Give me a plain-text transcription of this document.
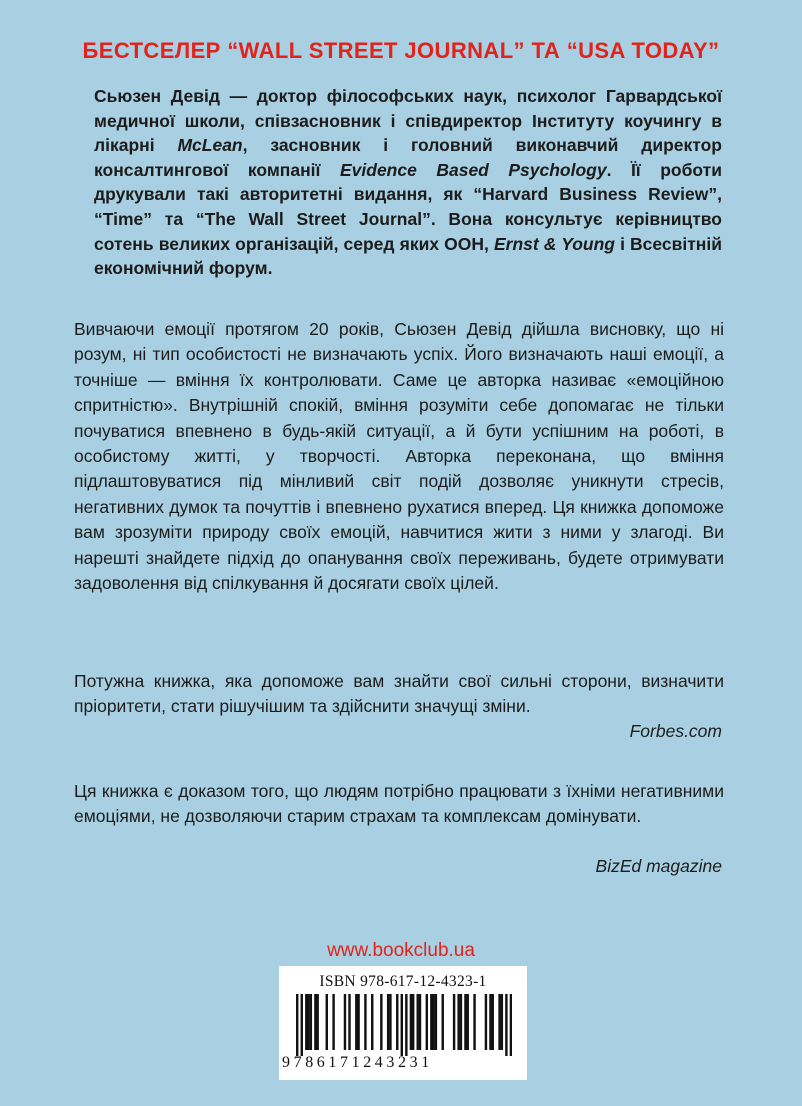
БЕСТСЕЛЕР “WALL STREET JOURNAL” ТА “USA TODAY”

Сьюзен Девід — доктор філософських наук, психолог Гарвардської медичної школи, співзасновник і співдиректор Інституту коучингу в лікарні McLean, засновник і головний виконавчий директор консалтингової компанії Evidence Based Psychology. Її роботи друкували такі авторитетні видання, як “Harvard Business Review”, “Time” та “The Wall Street Journal”. Вона консультує керівництво сотень великих організацій, серед яких ООН, Ernst & Young і Всесвітній економічний форум.

Вивчаючи емоції протягом 20 років, Сьюзен Девід дійшла висновку, що ні розум, ні тип особистості не визначають успіх. Його визначають наші емоції, а точніше — вміння їх контролювати. Саме це авторка називає «емоційною спритністю». Внутрішній спокій, вміння розуміти себе допомагає не тільки почуватися впевнено в будь-якій ситуації, а й бути успішним на роботі, в особистому житті, у творчості. Авторка переконана, що вміння підлаштовуватися під мінливий світ подій дозволяє уникнути стресів, негативних думок та почуттів і впевнено рухатися вперед. Ця книжка допоможе вам зрозуміти природу своїх емоцій, навчитися жити з ними у злагоді. Ви нарешті знайдете підхід до опанування своїх переживань, будете отримувати задоволення від спілкування й досягати своїх цілей.

Потужна книжка, яка допоможе вам знайти свої сильні сторони, визначити пріоритети, стати рішучішим та здійснити значущі зміни.

Forbes.com

Ця книжка є доказом того, що людям потрібно працювати з їхніми негативними емоціями, не дозволяючи старим страхам та комплексам домінувати.

BizEd magazine

www.bookclub.ua

ISBN 978-617-12-4323-1

9786171243231
